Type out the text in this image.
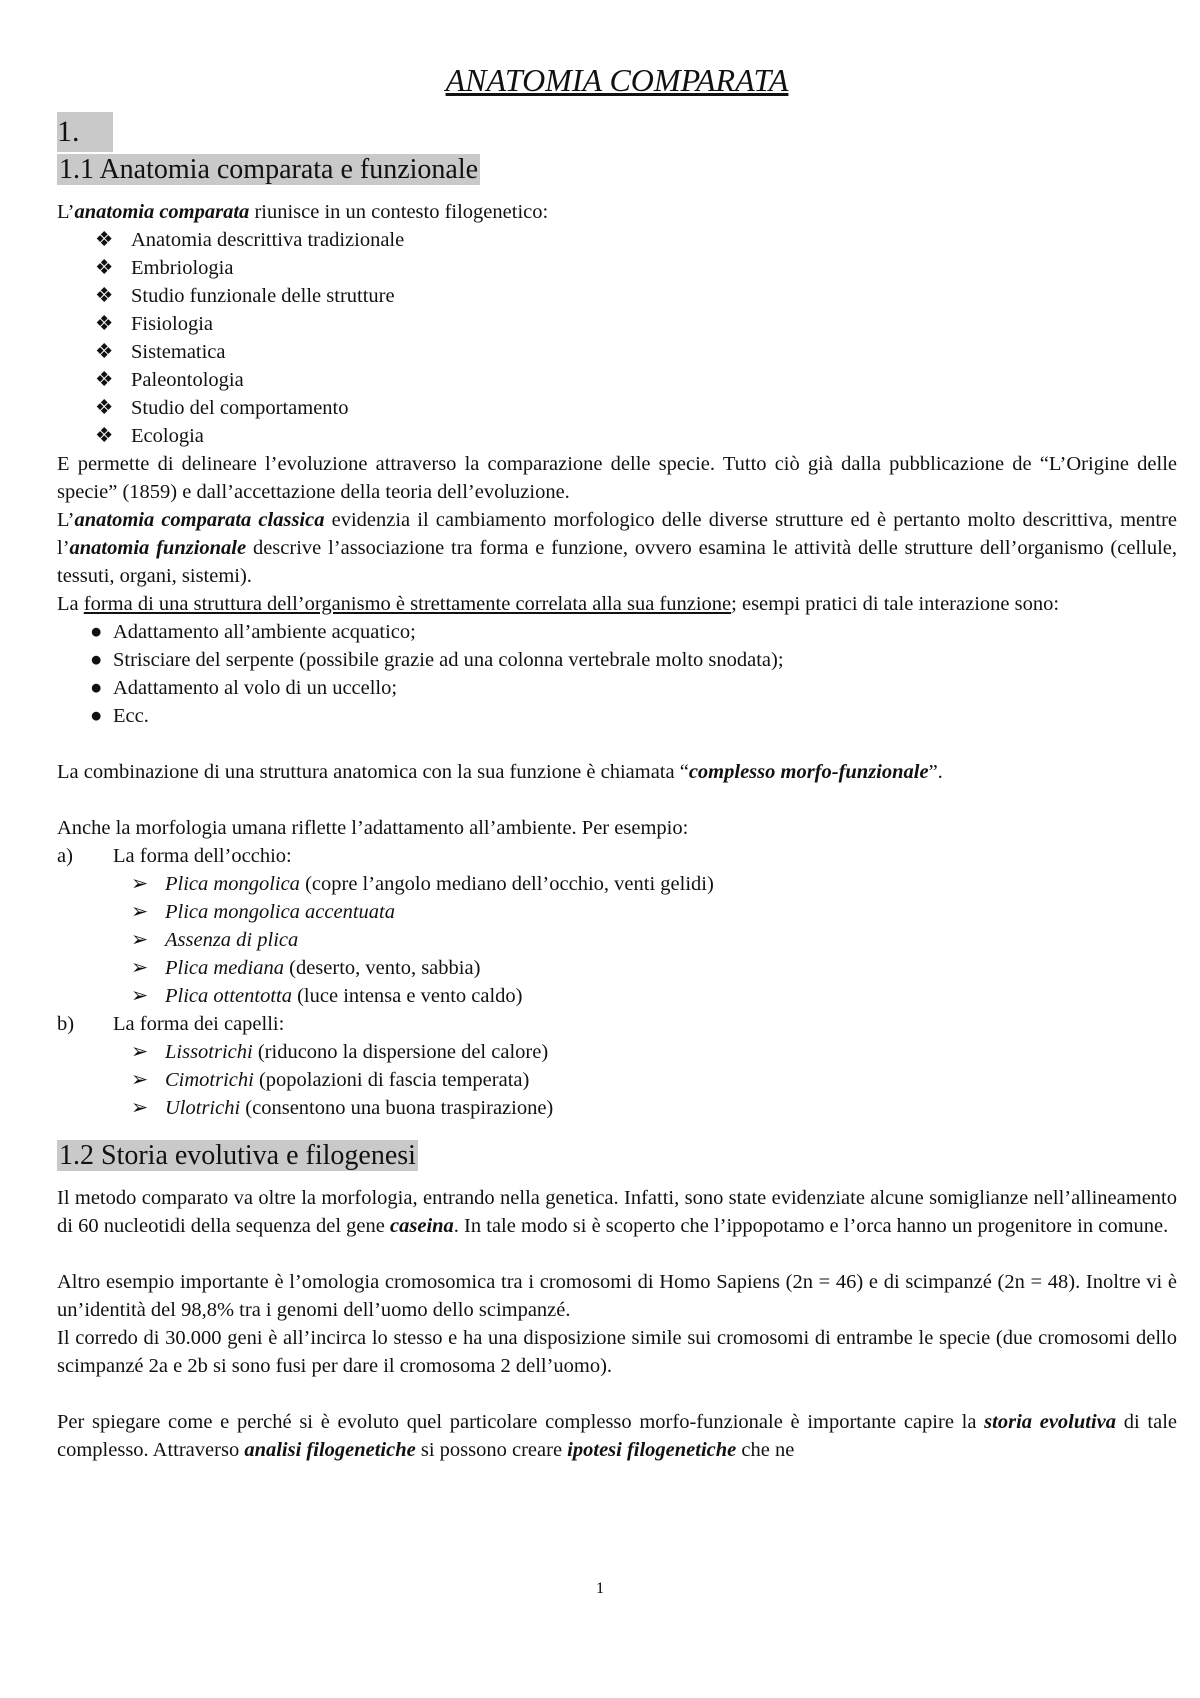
ANATOMIA COMPARATA
1.
1.1 Anatomia comparata e funzionale

L’anatomia comparata riunisce in un contesto filogenetico:

❖ Anatomia descrittiva tradizionale
❖ Embriologia
❖ Studio funzionale delle strutture
❖ Fisiologia
❖ Sistematica
❖ Paleontologia
❖ Studio del comportamento
❖ Ecologia

E permette di delineare l’evoluzione attraverso la comparazione delle specie. Tutto ciò già dalla pubblicazione de “L’Origine delle specie” (1859) e dall’accettazione della teoria dell’evoluzione.

L’anatomia comparata classica evidenzia il cambiamento morfologico delle diverse strutture ed è pertanto molto descrittiva, mentre l’anatomia funzionale descrive l’associazione tra forma e funzione, ovvero esamina le attività delle strutture dell’organismo (cellule, tessuti, organi, sistemi).

La forma di una struttura dell’organismo è strettamente correlata alla sua funzione; esempi pratici di tale interazione sono:

● Adattamento all’ambiente acquatico;
● Strisciare del serpente (possibile grazie ad una colonna vertebrale molto snodata);
● Adattamento al volo di un uccello;
● Ecc.

La combinazione di una struttura anatomica con la sua funzione è chiamata “complesso morfo-funzionale”.

Anche la morfologia umana riflette l’adattamento all’ambiente. Per esempio:

a) La forma dell’occhio:
➢ Plica mongolica (copre l’angolo mediano dell’occhio, venti gelidi)
➢ Plica mongolica accentuata
➢ Assenza di plica
➢ Plica mediana (deserto, vento, sabbia)
➢ Plica ottentotta (luce intensa e vento caldo)
b) La forma dei capelli:
➢ Lissotrichi (riducono la dispersione del calore)
➢ Cimotrichi (popolazioni di fascia temperata)
➢ Ulotrichi (consentono una buona traspirazione)
1.2 Storia evolutiva e filogenesi

Il metodo comparato va oltre la morfologia, entrando nella genetica. Infatti, sono state evidenziate alcune somiglianze nell’allineamento di 60 nucleotidi della sequenza del gene caseina. In tale modo si è scoperto che l’ippopotamo e l’orca hanno un progenitore in comune.

Altro esempio importante è l’omologia cromosomica tra i cromosomi di Homo Sapiens (2n = 46) e di scimpanzé (2n = 48). Inoltre vi è un’identità del 98,8% tra i genomi dell’uomo dello scimpanzé.

Il corredo di 30.000 geni è all’incirca lo stesso e ha una disposizione simile sui cromosomi di entrambe le specie (due cromosomi dello scimpanzé 2a e 2b si sono fusi per dare il cromosoma 2 dell’uomo).

Per spiegare come e perché si è evoluto quel particolare complesso morfo-funzionale è importante capire la storia evolutiva di tale complesso. Attraverso analisi filogenetiche si possono creare ipotesi filogenetiche che ne

1
